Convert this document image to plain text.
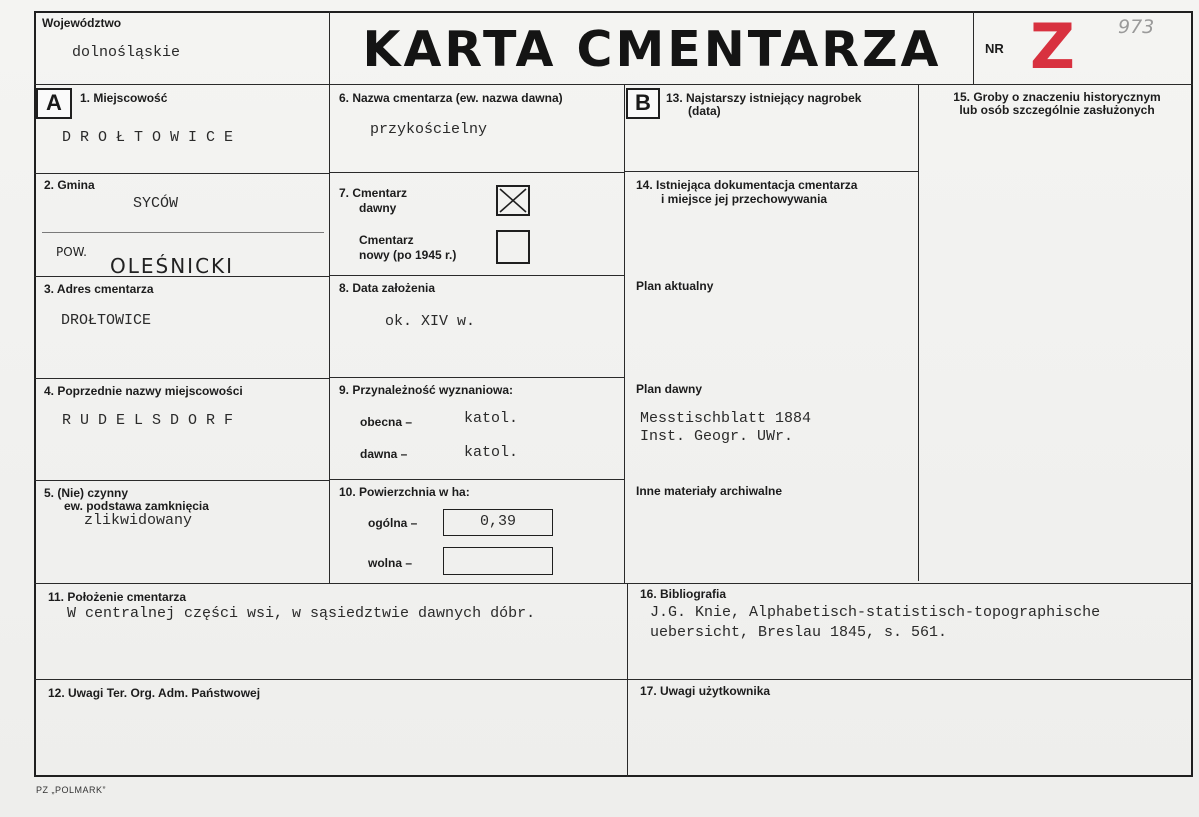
Województwo
dolnośląskie	KARTA CMENTARZA	NR Z 973
A	1. Miejscowość
DROŁTOWICE
2. Gmina
SYCÓW
POW.
OLEŚNICKI
3. Adres cmentarza
DROŁTOWICE
4. Poprzednie nazwy miejscowości
RUDELSDORF
5. (Nie) czynny
ew. podstawa zamknięcia
zlikwidowany
6. Nazwa cmentarza (ew. nazwa dawna)
przykościelny
7. Cmentarz
dawny
Cmentarz
nowy (po 1945 r.)
8. Data założenia
ok. XIV w.
9. Przynależność wyznaniowa:
obecna –	katol.
dawna –	katol.
10. Powierzchnia w ha:
ogólna –	0,39
wolna –
B	13. Najstarszy istniejący nagrobek
(data)
14. Istniejąca dokumentacja cmentarza
i miejsce jej przechowywania
Plan aktualny
Plan dawny
Messtischblatt 1884
Inst. Geogr. UWr.
Inne materiały archiwalne
15. Groby o znaczeniu historycznym
lub osób szczególnie zasłużonych
11. Położenie cmentarza
W centralnej części wsi, w sąsiedztwie dawnych dóbr.
16. Bibliografia
J.G. Knie, Alphabetisch-statistisch-topographische
uebersicht, Breslau 1845, s. 561.
12. Uwagi Ter. Org. Adm. Państwowej	17. Uwagi użytkownika
PZ „POLMARK”
